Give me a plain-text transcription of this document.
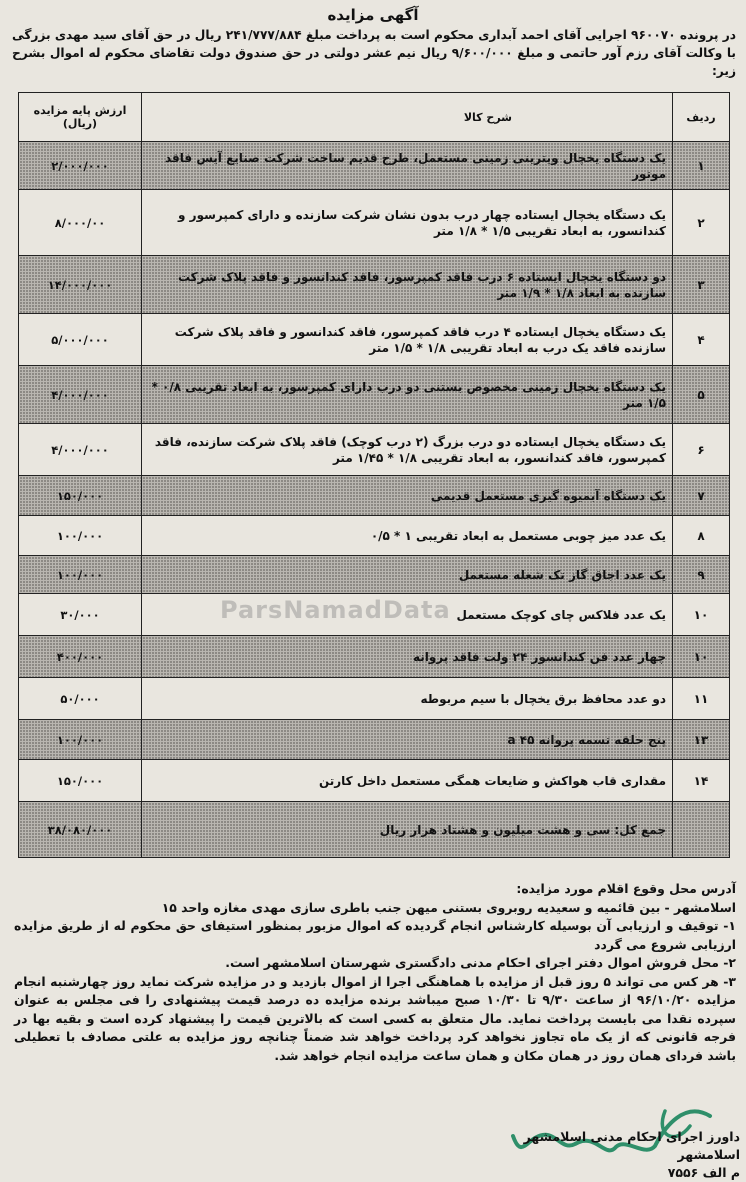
آگهی مزایده
در پرونده ۹۶۰۰۷۰ اجرایی آقای احمد آبداری محکوم است به پرداخت مبلغ ۲۴۱/۷۷۷/۸۸۴ ریال در حق آقای سید مهدی بزرگی با وکالت آقای رزم آور حاتمی و مبلغ ۹/۶۰۰/۰۰۰ ریال نیم عشر دولتی در حق صندوق دولت تقاضای محکوم له اموال بشرح زیر:
ردیف	شرح کالا	ارزش پایه مزایده (ریال)
۱	یک دستگاه یخچال ویترینی زمینی مستعمل، طرح قدیم ساخت شرکت صنایع آیس فاقد موتور	۲/۰۰۰/۰۰۰
۲	یک دستگاه یخچال ایستاده چهار درب بدون نشان شرکت سازنده و دارای کمپرسور و کندانسور، به ابعاد تقریبی ۱/۵ * ۱/۸ متر	۸/۰۰۰/۰۰
۳	دو دستگاه یخچال ایستاده ۶ درب فاقد کمپرسور، فاقد کندانسور و فاقد پلاک شرکت سازنده به ابعاد ۱/۸ * ۱/۹ متر	۱۴/۰۰۰/۰۰۰
۴	یک دستگاه یخچال ایستاده ۴ درب فاقد کمپرسور، فاقد کندانسور و فاقد پلاک شرکت سازنده فاقد یک درب به ابعاد تقریبی ۱/۸ * ۱/۵ متر	۵/۰۰۰/۰۰۰
۵	یک دستگاه یخچال زمینی مخصوص بستنی دو درب دارای کمپرسور، به ابعاد تقریبی ۰/۸ * ۱/۵ متر	۴/۰۰۰/۰۰۰
۶	یک دستگاه یخچال ایستاده دو درب بزرگ (۲ درب کوچک) فاقد پلاک شرکت سازنده، فاقد کمپرسور، فاقد کندانسور، به ابعاد تقریبی ۱/۸ * ۱/۴۵ متر	۴/۰۰۰/۰۰۰
۷	یک دستگاه آبمیوه گیری مستعمل قدیمی	۱۵۰/۰۰۰
۸	یک عدد میز چوبی مستعمل به ابعاد تقریبی ۱ * ۰/۵	۱۰۰/۰۰۰
۹	یک عدد اجاق گاز تک شعله مستعمل	۱۰۰/۰۰۰
۱۰	یک عدد فلاکس چای کوچک مستعمل	۳۰/۰۰۰
۱۰	چهار عدد فن کندانسور ۲۴ ولت فاقد پروانه	۴۰۰/۰۰۰
۱۱	دو عدد محافظ برق یخچال با سیم مربوطه	۵۰/۰۰۰
۱۳	پنج حلقه تسمه پروانه ۴۵ a	۱۰۰/۰۰۰
۱۴	مقداری قاب هواکش و ضایعات همگی مستعمل داخل کارتن	۱۵۰/۰۰۰
	جمع کل: سی و هشت میلیون و هشتاد هزار ریال	۳۸/۰۸۰/۰۰۰
ParsNamadData

آدرس محل وقوع اقلام مورد مزایده:

اسلامشهر - بین قائمیه و سعیدیه روبروی بستنی میهن جنب باطری سازی مهدی مغازه واحد ۱۵

۱- توقیف و ارزیابی آن بوسیله کارشناس انجام گردیده که اموال مزبور بمنظور استیفای حق محکوم له از طریق مزایده ارزیابی شروع می گردد

۲- محل فروش اموال دفتر اجرای احکام مدنی دادگستری شهرستان اسلامشهر است.

۳- هر کس می تواند ۵ روز قبل از مزایده با هماهنگی اجرا از اموال بازدید و در مزایده شرکت نماید روز چهارشنبه انجام مزایده ۹۶/۱۰/۲۰ از ساعت ۹/۳۰ تا ۱۰/۳۰ صبح میباشد برنده مزایده ده درصد قیمت پیشنهادی را فی مجلس به عنوان سپرده نقدا می بایست پرداخت نماید. مال متعلق به کسی است که بالاترین قیمت را پیشنهاد کرده است و بقیه بها در فرجه قانونی که از یک ماه تجاوز نخواهد کرد پرداخت خواهد شد ضمناً چنانچه روز مزایده به علتی مصادف با تعطیلی باشد فردای همان روز در همان مکان و همان ساعت مزایده انجام خواهد شد.

داورز اجرای احکام مدنی اسلامشهر اسلامشهر
م الف ۷۵۵۶
